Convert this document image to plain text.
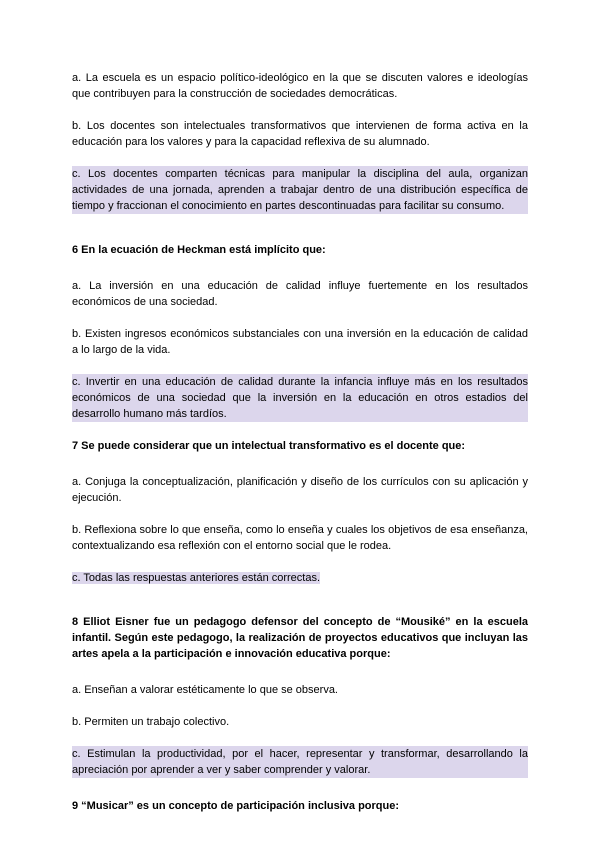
a. La escuela es un espacio político-ideológico en la que se discuten valores e ideologías que contribuyen para la construcción de sociedades democráticas.

b. Los docentes son intelectuales transformativos que intervienen de forma activa en la educación para los valores y para la capacidad reflexiva de su alumnado.

c. Los docentes comparten técnicas para manipular la disciplina del aula, organizan actividades de una jornada, aprenden a trabajar dentro de una distribución específica de tiempo y fraccionan el conocimiento en partes descontinuadas para facilitar su consumo.

6 En la ecuación de Heckman está implícito que:

a. La inversión en una educación de calidad influye fuertemente en los resultados económicos de una sociedad.

b. Existen ingresos económicos substanciales con una inversión en la educación de calidad a lo largo de la vida.

c. Invertir en una educación de calidad durante la infancia influye más en los resultados económicos de una sociedad que la inversión en la educación en otros estadios del desarrollo humano más tardíos.

7 Se puede considerar que un intelectual transformativo es el docente que:

a. Conjuga la conceptualización, planificación y diseño de los currículos con su aplicación y ejecución.

b. Reflexiona sobre lo que enseña, como lo enseña y cuales los objetivos de esa enseñanza, contextualizando esa reflexión con el entorno social que le rodea.

c. Todas las respuestas anteriores están correctas.

8 Elliot Eisner fue un pedagogo defensor del concepto de “Mousiké” en la escuela infantil. Según este pedagogo, la realización de proyectos educativos que incluyan las artes apela a la participación e innovación educativa porque:

a. Enseñan a valorar estéticamente lo que se observa.

b. Permiten un trabajo colectivo.

c. Estimulan la productividad, por el hacer, representar y transformar, desarrollando la apreciación por aprender a ver y saber comprender y valorar.

9 “Musicar” es un concepto de participación inclusiva porque:
